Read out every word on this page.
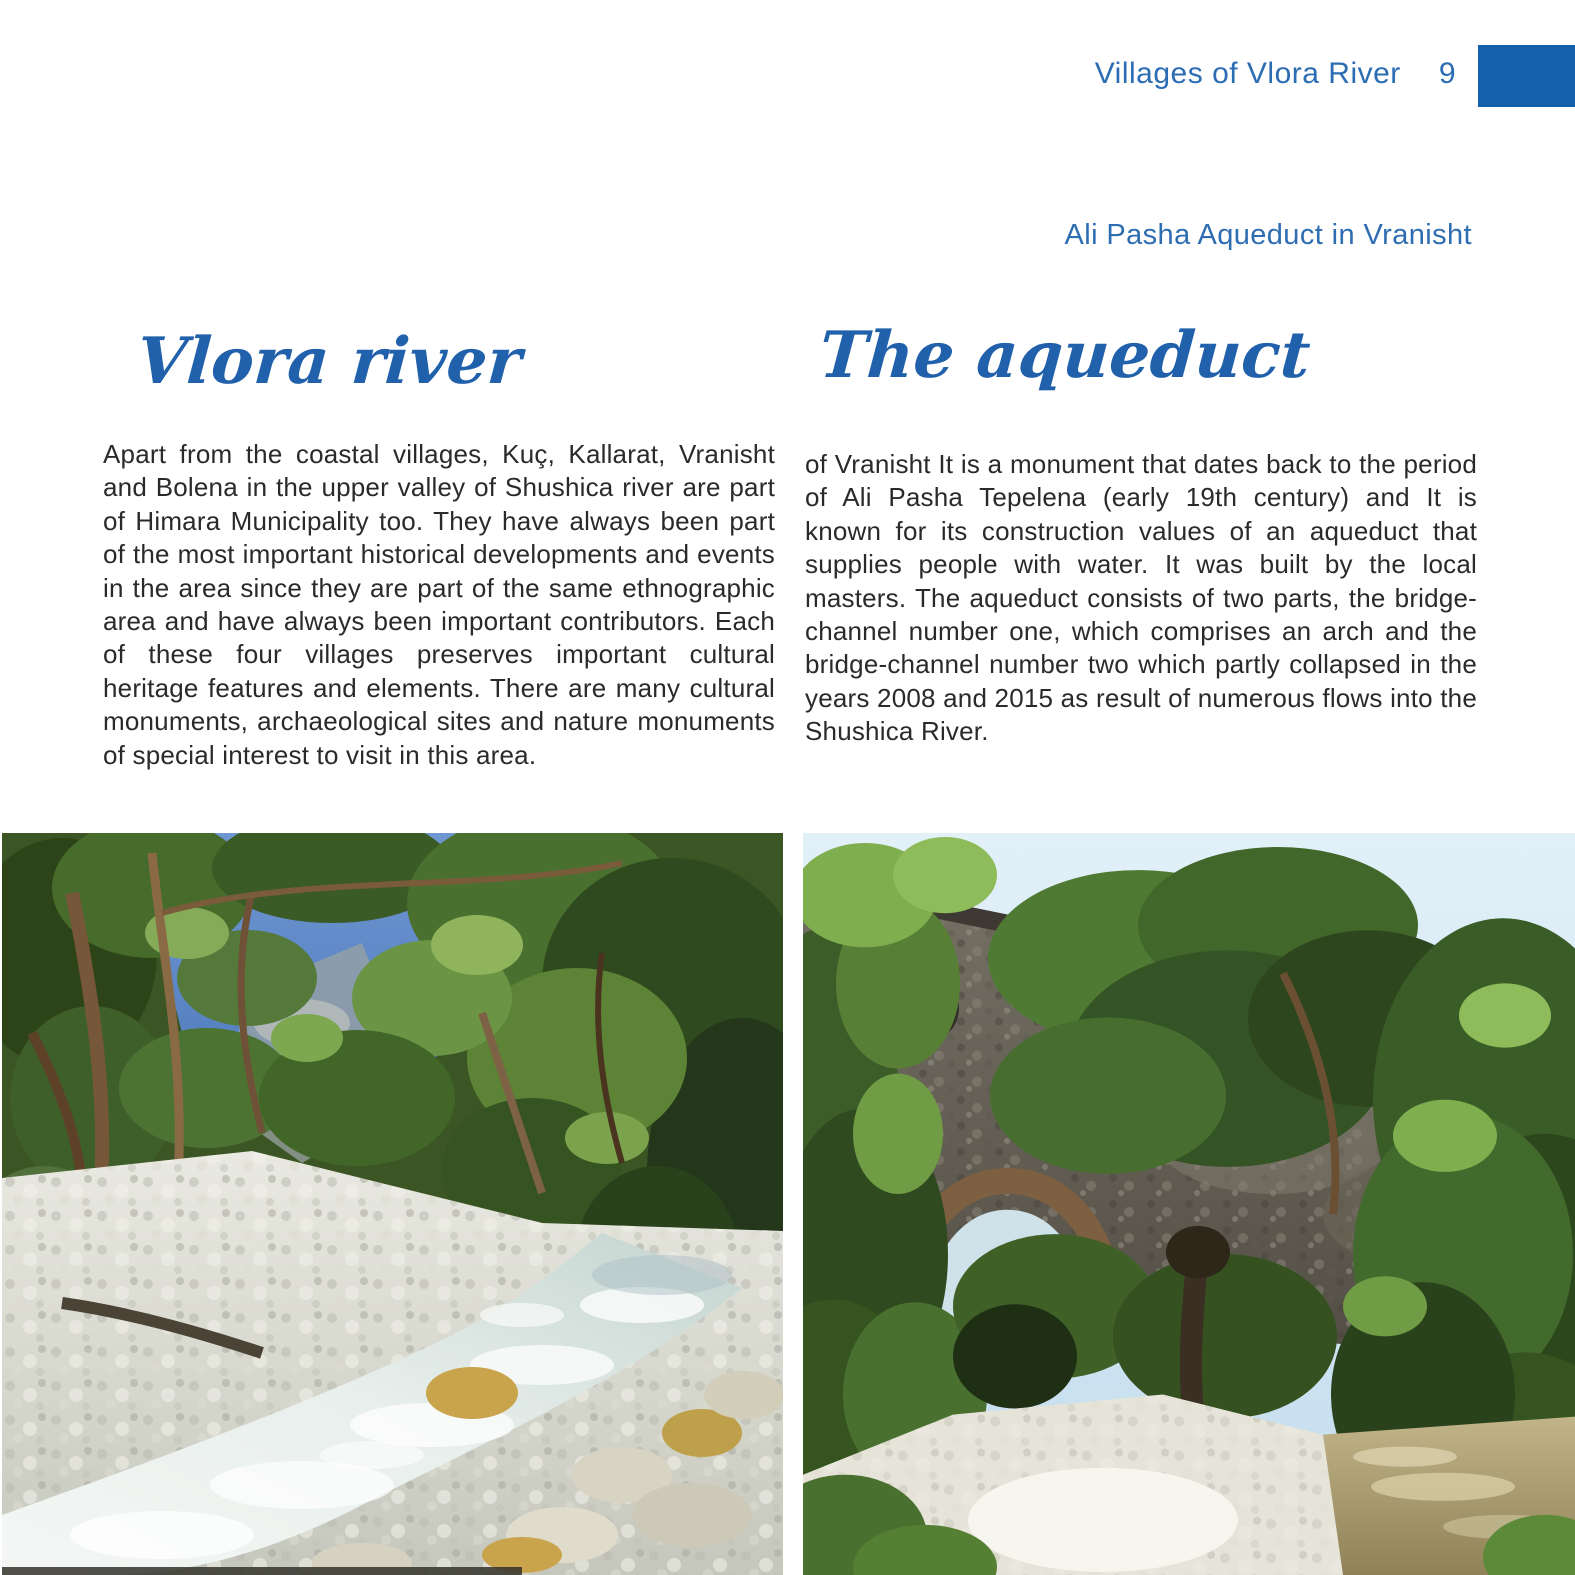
Villages of Vlora River 9
Ali Pasha Aqueduct in Vranisht
Vlora river
Apart from the coastal villages, Kuç, Kallarat, Vranisht and Bolena in the upper valley of Shushica river are part of Himara Municipality too. They have always been part of the most important historical developments and events in the area since they are part of the same ethnographic area and have always been important contributors. Each of these four villages preserves important cultural heritage features and elements. There are many cultural monuments, archaeological sites and nature monuments of special interest to visit in this area.
The aqueduct
of Vranisht It is a monument that dates back to the period of Ali Pasha Tepelena (early 19th century) and It is known for its construction values of an aqueduct that supplies people with water. It was built by the local masters. The aqueduct consists of two parts, the bridge-channel number one, which comprises an arch and the bridge-channel number two which partly collapsed in the years 2008 and 2015 as result of numerous flows into the Shushica River.
